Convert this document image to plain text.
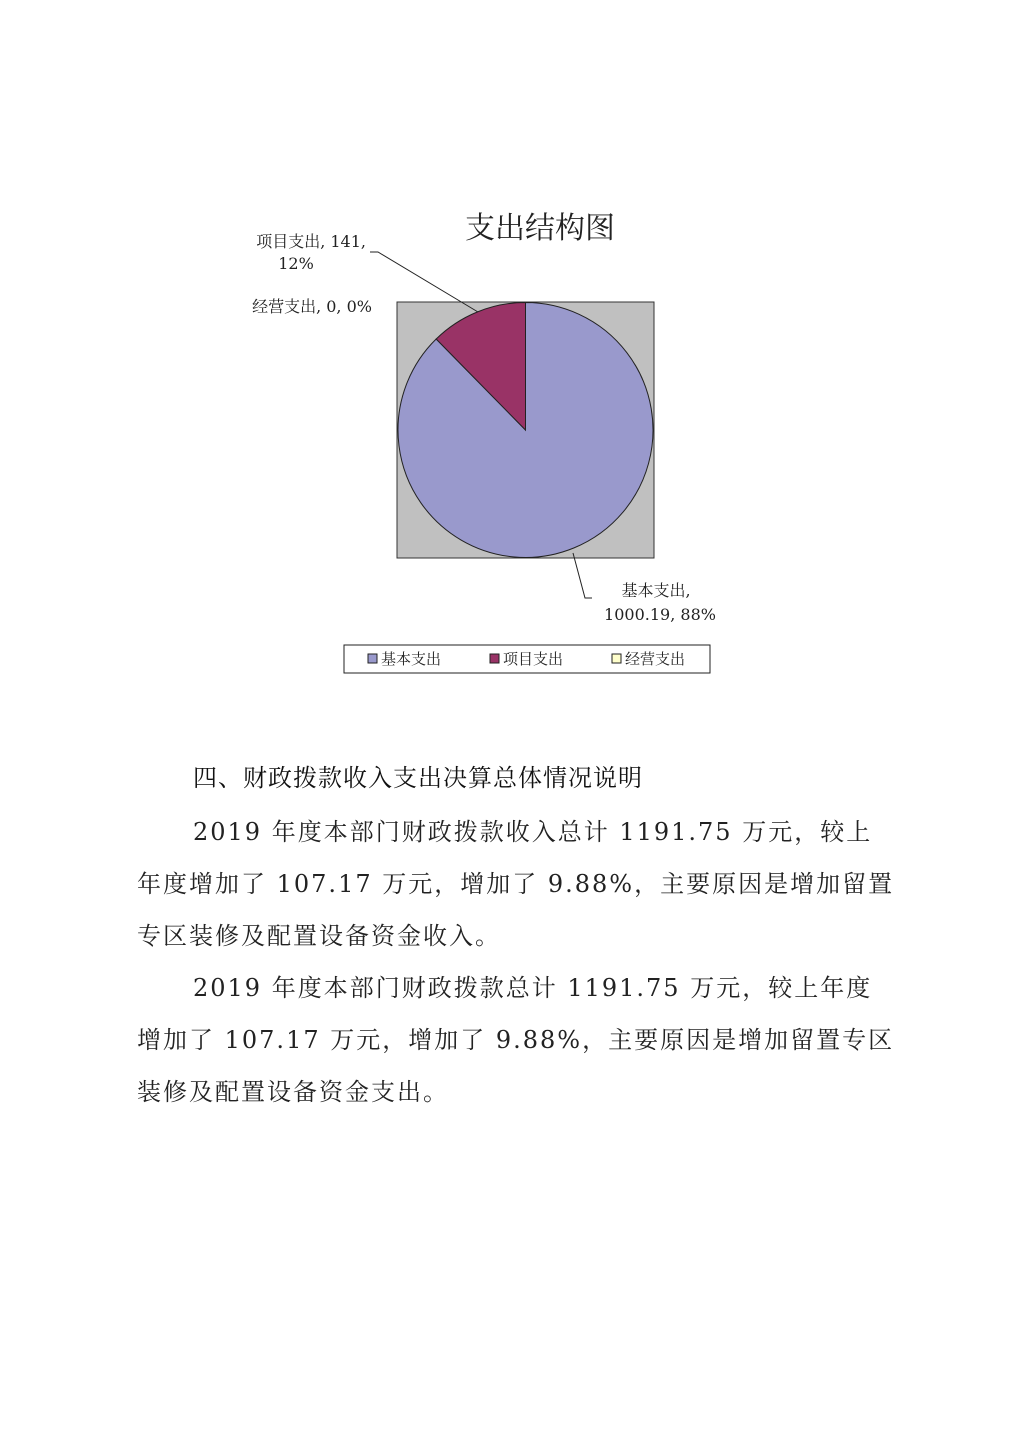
支出结构图
项目支出, 141,
12%
经营支出, 0, 0%
基本支出,
1000.19, 88%
基本支出	项目支出	经营支出
四、财政拨款收入支出决算总体情况说明

2019 年度本部门财政拨款收入总计 1191.75 万元，较上年度增加了 107.17 万元，增加了 9.88%，主要原因是增加留置专区装修及配置设备资金收入。

2019 年度本部门财政拨款总计 1191.75 万元，较上年度增加了 107.17 万元，增加了 9.88%，主要原因是增加留置专区装修及配置设备资金支出。
